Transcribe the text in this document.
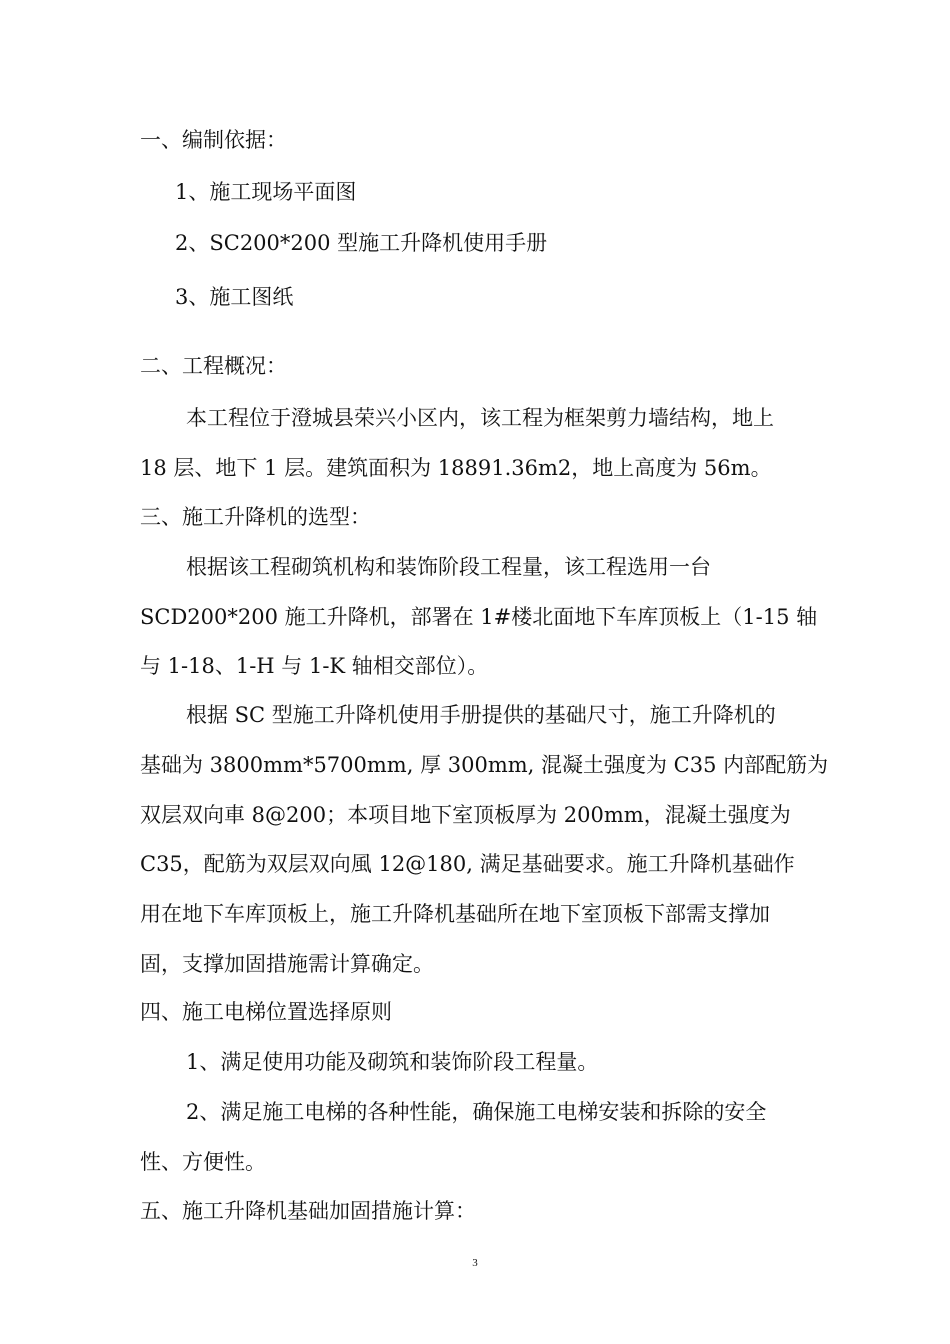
一、编制依据：
1、施工现场平面图
2、SC200*200 型施工升降机使用手册
3、施工图纸
二、工程概况：
本工程位于澄城县荣兴小区内，该工程为框架剪力墙结构，地上
18 层、地下 1 层。建筑面积为 18891.36m2，地上高度为 56m。
三、施工升降机的选型：
根据该工程砌筑机构和装饰阶段工程量，该工程选用一台
SCD200*200 施工升降机，部署在 1#楼北面地下车库顶板上（1-15 轴
与 1-18、1-H 与 1-K 轴相交部位）。
根据 SC 型施工升降机使用手册提供的基础尺寸，施工升降机的
基础为 3800mm*5700mm, 厚 300mm, 混凝土强度为 C35 内部配筋为
双层双向車 8@200；本项目地下室顶板厚为 200mm，混凝土强度为
C35，配筋为双层双向風 12@180, 满足基础要求。施工升降机基础作
用在地下车库顶板上，施工升降机基础所在地下室顶板下部需支撑加
固，支撑加固措施需计算确定。
四、施工电梯位置选择原则
1、满足使用功能及砌筑和装饰阶段工程量。
2、满足施工电梯的各种性能，确保施工电梯安装和拆除的安全
性、方便性。
五、施工升降机基础加固措施计算：
3
